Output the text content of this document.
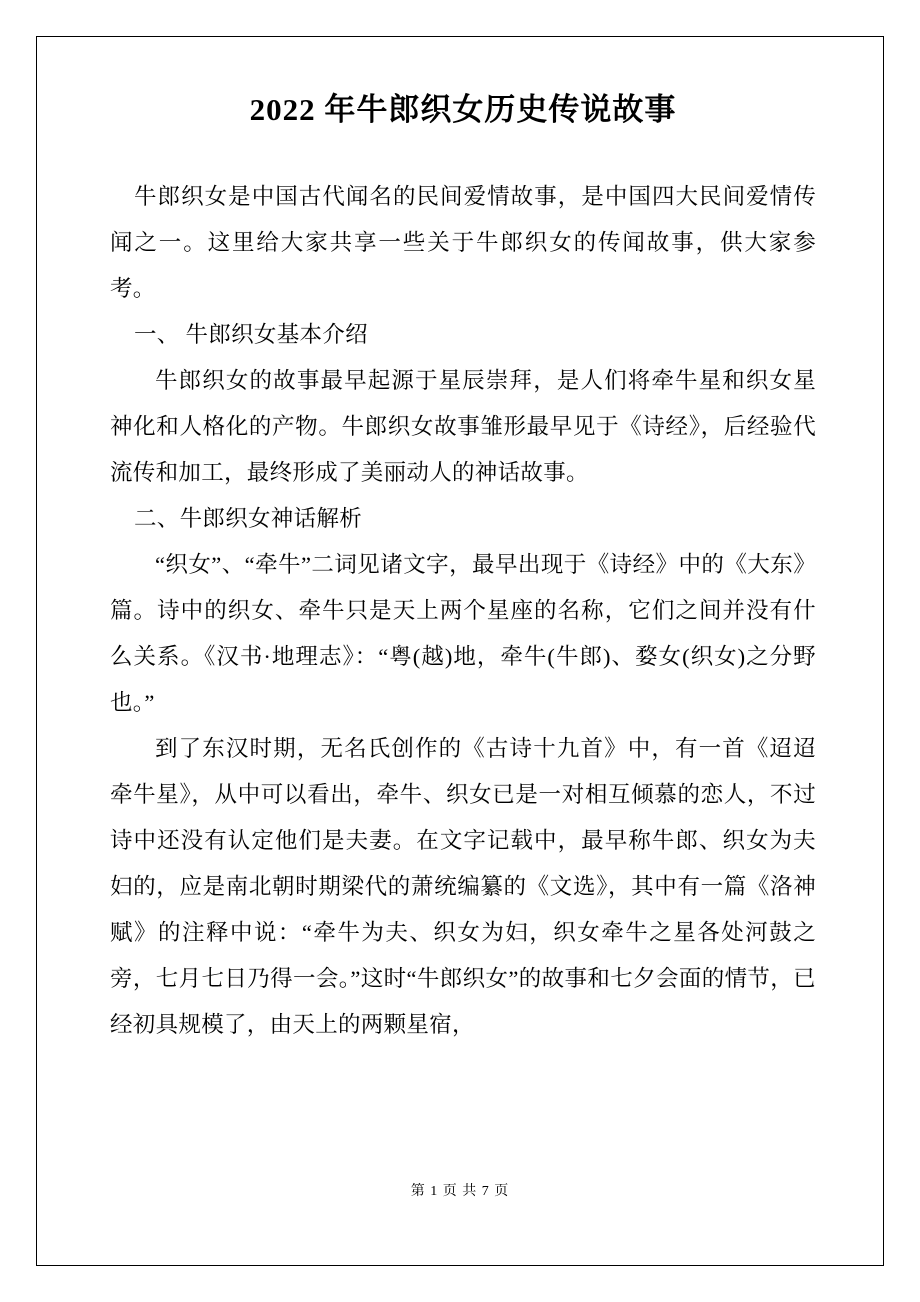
2022 年牛郎织女历史传说故事

牛郎织女是中国古代闻名的民间爱情故事，是中国四大民间爱情传闻之一。这里给大家共享一些关于牛郎织女的传闻故事，供大家参考。

一、 牛郎织女基本介绍

牛郎织女的故事最早起源于星辰崇拜，是人们将牵牛星和织女星神化和人格化的产物。牛郎织女故事雏形最早见于《诗经》，后经验代流传和加工，最终形成了美丽动人的神话故事。

二、牛郎织女神话解析

“织女”、“牵牛”二词见诸文字，最早出现于《诗经》中的《大东》篇。诗中的织女、牵牛只是天上两个星座的名称，它们之间并没有什么关系。《汉书·地理志》：“粤(越)地，牵牛(牛郎)、婺女(织女)之分野也。”

到了东汉时期，无名氏创作的《古诗十九首》中，有一首《迢迢牵牛星》，从中可以看出，牵牛、织女已是一对相互倾慕的恋人，不过诗中还没有认定他们是夫妻。在文字记载中，最早称牛郎、织女为夫妇的，应是南北朝时期梁代的萧统编纂的《文选》，其中有一篇《洛神赋》的注释中说：“牵牛为夫、织女为妇，织女牵牛之星各处河鼓之旁，七月七日乃得一会。”这时“牛郎织女”的故事和七夕会面的情节，已经初具规模了，由天上的两颗星宿，

第 1 页 共 7 页
